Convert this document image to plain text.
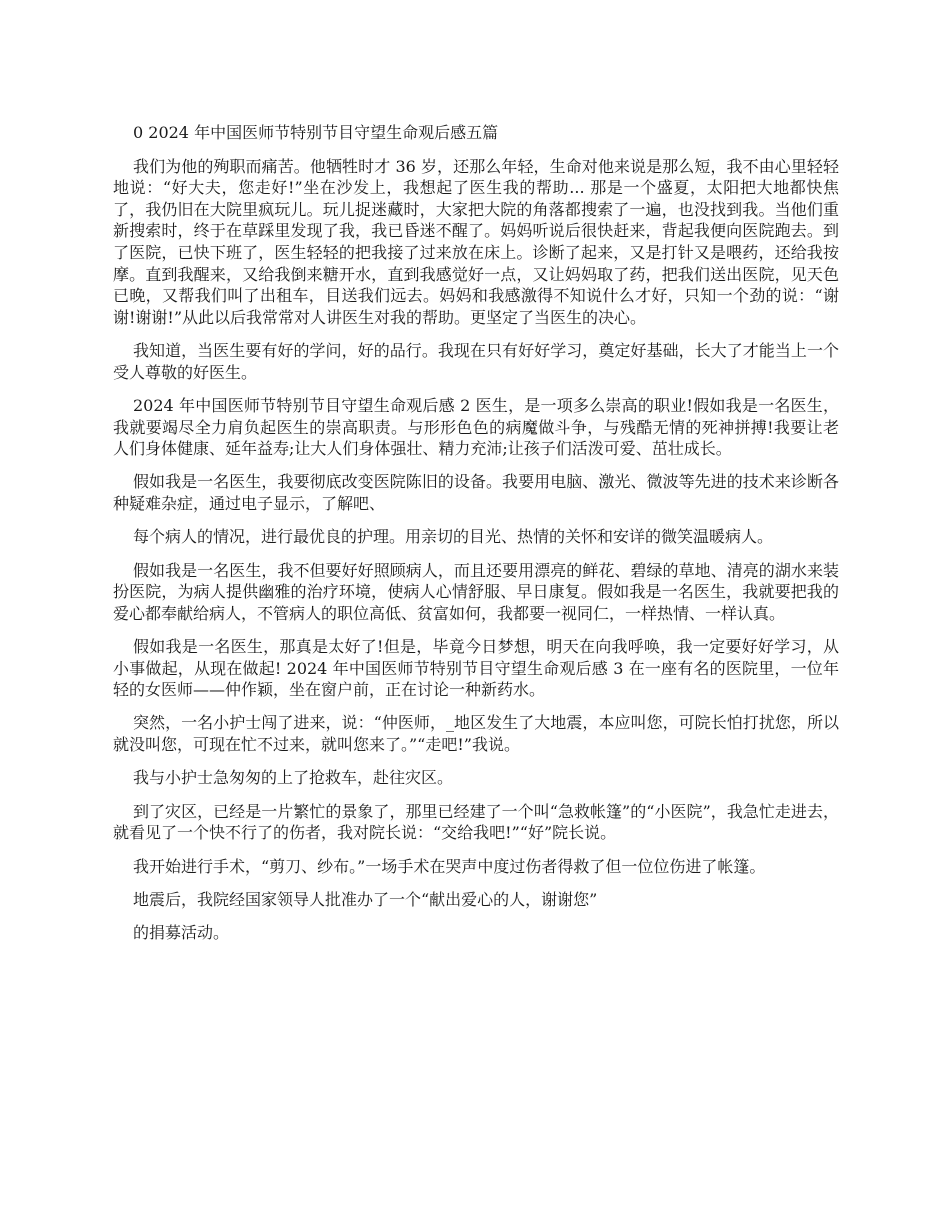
0 2024 年中国医师节特别节目守望生命观后感五篇

我们为他的殉职而痛苦。他牺牲时才 36 岁，还那么年轻，生命对他来说是那么短，我不由心里轻轻地说：“好大夫，您走好!”坐在沙发上，我想起了医生我的帮助... 那是一个盛夏，太阳把大地都快焦了，我仍旧在大院里疯玩儿。玩儿捉迷藏时，大家把大院的角落都搜索了一遍，也没找到我。当他们重新搜索时，终于在草踩里发现了我，我已昏迷不醒了。妈妈听说后很快赶来，背起我便向医院跑去。到了医院，已快下班了，医生轻轻的把我接了过来放在床上。诊断了起来，又是打针又是喂药，还给我按摩。直到我醒来，又给我倒来糖开水，直到我感觉好一点，又让妈妈取了药，把我们送出医院，见天色已晚，又帮我们叫了出租车，目送我们远去。妈妈和我感激得不知说什么才好，只知一个劲的说：“谢谢!谢谢!”从此以后我常常对人讲医生对我的帮助。更坚定了当医生的决心。

我知道，当医生要有好的学问，好的品行。我现在只有好好学习，奠定好基础，长大了才能当上一个受人尊敬的好医生。

2024 年中国医师节特别节目守望生命观后感 2 医生，是一项多么崇高的职业!假如我是一名医生，我就要竭尽全力肩负起医生的崇高职责。与形形色色的病魔做斗争，与残酷无情的死神拼搏!我要让老人们身体健康、延年益寿;让大人们身体强壮、精力充沛;让孩子们活泼可爱、茁壮成长。

假如我是一名医生，我要彻底改变医院陈旧的设备。我要用电脑、激光、微波等先进的技术来诊断各种疑难杂症，通过电子显示，了解吧、

每个病人的情况，进行最优良的护理。用亲切的目光、热情的关怀和安详的微笑温暖病人。

假如我是一名医生，我不但要好好照顾病人，而且还要用漂亮的鲜花、碧绿的草地、清亮的湖水来装扮医院，为病人提供幽雅的治疗环境，使病人心情舒服、早日康复。假如我是一名医生，我就要把我的爱心都奉献给病人，不管病人的职位高低、贫富如何，我都要一视同仁，一样热情、一样认真。

假如我是一名医生，那真是太好了!但是，毕竟今日梦想，明天在向我呼唤，我一定要好好学习，从小事做起，从现在做起! 2024 年中国医师节特别节目守望生命观后感 3 在一座有名的医院里，一位年轻的女医师——仲作颖，坐在窗户前，正在讨论一种新药水。

突然，一名小护士闯了进来，说：“仲医师，_地区发生了大地震，本应叫您，可院长怕打扰您，所以就没叫您，可现在忙不过来，就叫您来了。”“走吧!”我说。

我与小护士急匆匆的上了抢救车，赴往灾区。

到了灾区，已经是一片繁忙的景象了，那里已经建了一个叫“急救帐篷”的“小医院”，我急忙走进去，就看见了一个快不行了的伤者，我对院长说：“交给我吧!”“好”院长说。

我开始进行手术，“剪刀、纱布。”一场手术在哭声中度过伤者得救了但一位位伤进了帐篷。

地震后，我院经国家领导人批准办了一个“献出爱心的人，谢谢您”

的捐募活动。
